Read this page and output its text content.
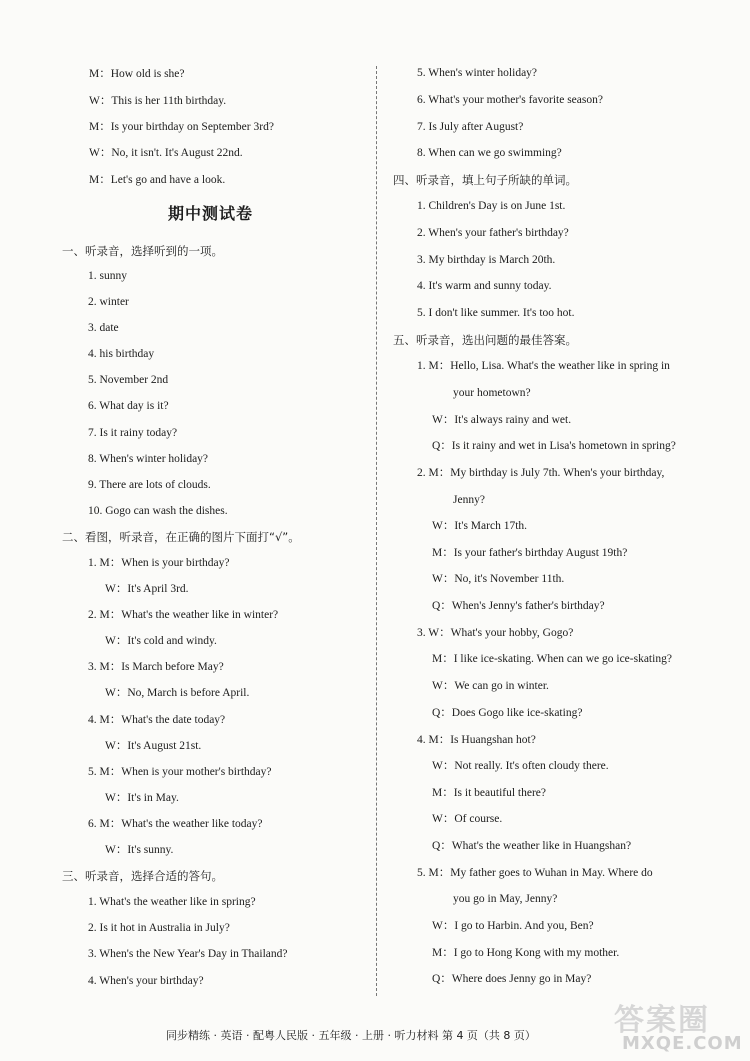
M：How old is she?
W：This is her 11th birthday.
M：Is your birthday on September 3rd?
W：No, it isn't. It's August 22nd.
M：Let's go and have a look.
期中测试卷
一、听录音，选择听到的一项。
1. sunny
2. winter
3. date
4. his birthday
5. November 2nd
6. What day is it?
7. Is it rainy today?
8. When's winter holiday?
9. There are lots of clouds.
10. Gogo can wash the dishes.
二、看图，听录音，在正确的图片下面打“√”。
1. M：When is your birthday?
W：It's April 3rd.
2. M：What's the weather like in winter?
W：It's cold and windy.
3. M：Is March before May?
W：No, March is before April.
4. M：What's the date today?
W：It's August 21st.
5. M：When is your mother's birthday?
W：It's in May.
6. M：What's the weather like today?
W：It's sunny.
三、听录音，选择合适的答句。
1. What's the weather like in spring?
2. Is it hot in Australia in July?
3. When's the New Year's Day in Thailand?
4. When's your birthday?
5. When's winter holiday?
6. What's your mother's favorite season?
7. Is July after August?
8. When can we go swimming?
四、听录音，填上句子所缺的单词。
1. Children's Day is on June 1st.
2. When's your father's birthday?
3. My birthday is March 20th.
4. It's warm and sunny today.
5. I don't like summer. It's too hot.
五、听录音，选出问题的最佳答案。
1. M：Hello, Lisa. What's the weather like in spring in
your hometown?
W：It's always rainy and wet.
Q：Is it rainy and wet in Lisa's hometown in spring?
2. M：My birthday is July 7th. When's your birthday,
Jenny?
W：It's March 17th.
M：Is your father's birthday August 19th?
W：No, it's November 11th.
Q：When's Jenny's father's birthday?
3. W：What's your hobby, Gogo?
M：I like ice-skating. When can we go ice-skating?
W：We can go in winter.
Q：Does Gogo like ice-skating?
4. M：Is Huangshan hot?
W：Not really. It's often cloudy there.
M：Is it beautiful there?
W：Of course.
Q：What's the weather like in Huangshan?
5. M：My father goes to Wuhan in May. Where do
you go in May, Jenny?
W：I go to Harbin. And you, Ben?
M：I go to Hong Kong with my mother.
Q：Where does Jenny go in May?
同步精练 · 英语 · 配粤人民版 · 五年级 · 上册 · 听力材料 第 4 页（共 8 页）	答案圈
MXQE.COM
